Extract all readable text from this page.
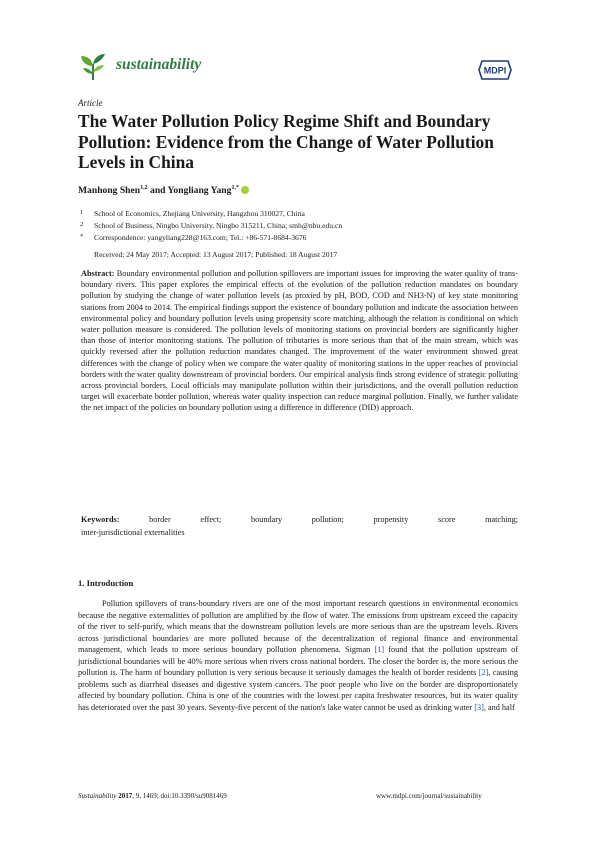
sustainability	MDPI
Article
The Water Pollution Policy Regime Shift and Boundary Pollution: Evidence from the Change of Water Pollution Levels in China
Manhong Shen$^{1,2}$ and Yongliang Yang$^{1,*}$
1 School of Economics, Zhejiang University, Hangzhou 310027, China
2 School of Business, Ningbo University, Ningbo 315211, China; smh@nbu.edu.cn
* Correspondence: yangyliang228@163.com; Tel.: +86-571-8684-3676
Received: 24 May 2017; Accepted: 13 August 2017; Published: 18 August 2017
Abstract: Boundary environmental pollution and pollution spillovers are important issues for improving the water quality of trans-boundary rivers. This paper explores the empirical effects of the evolution of the pollution reduction mandates on boundary pollution by studying the change of water pollution levels (as proxied by pH, BOD, COD and NH3-N) of key state monitoring stations from 2004 to 2014. The empirical findings support the existence of boundary pollution and indicate the association between environmental policy and boundary pollution levels using propensity score matching, although the relation is conditional on which water pollution measure is considered. The pollution levels of monitoring stations on provincial borders are significantly higher than those of interior monitoring stations. The pollution of tributaries is more serious than that of the main stream, which was quickly reversed after the pollution reduction mandates changed. The improvement of the water environment showed great differences with the change of policy when we compare the water quality of monitoring stations in the upper reaches of provincial borders with the water quality downstream of provincial borders. Our empirical analysis finds strong evidence of strategic polluting across provincial borders. Local officials may manipulate pollution within their jurisdictions, and the overall pollution reduction target will exacerbate border pollution, whereas water quality inspection can reduce marginal pollution. Finally, we further validate the net impact of the policies on boundary pollution using a difference in difference (DID) approach.
Keywords:	border	effect;	boundary	pollution;	propensity	score	matching;
inter-jurisdictional externalities
1. Introduction
Pollution spillovers of trans-boundary rivers are one of the most important research questions in environmental economics because the negative externalities of pollution are amplified by the flow of water. The emissions from upstream exceed the capacity of the river to self-purify, which means that the downstream pollution levels are more serious than are the upstream levels. Rivers across jurisdictional boundaries are more polluted because of the decentralization of regional finance and environmental management, which leads to more serious boundary pollution phenomena. Sigman [1] found that the pollution upstream of jurisdictional boundaries will be 40% more serious when rivers cross national borders. The closer the border is, the more serious the pollution is. The harm of boundary pollution is very serious because it seriously damages the health of border residents [2], causing problems such as diarrheal diseases and digestive system cancers. The poor people who live on the border are disproportionately affected by boundary pollution. China is one of the countries with the lowest per capita freshwater resources, but its water quality has deteriorated over the past 30 years. Seventy-five percent of the nation's lake water cannot be used as drinking water [3], and half
Sustainability 2017, 9, 1469; doi:10.3390/su9081469	www.mdpi.com/journal/sustainability
